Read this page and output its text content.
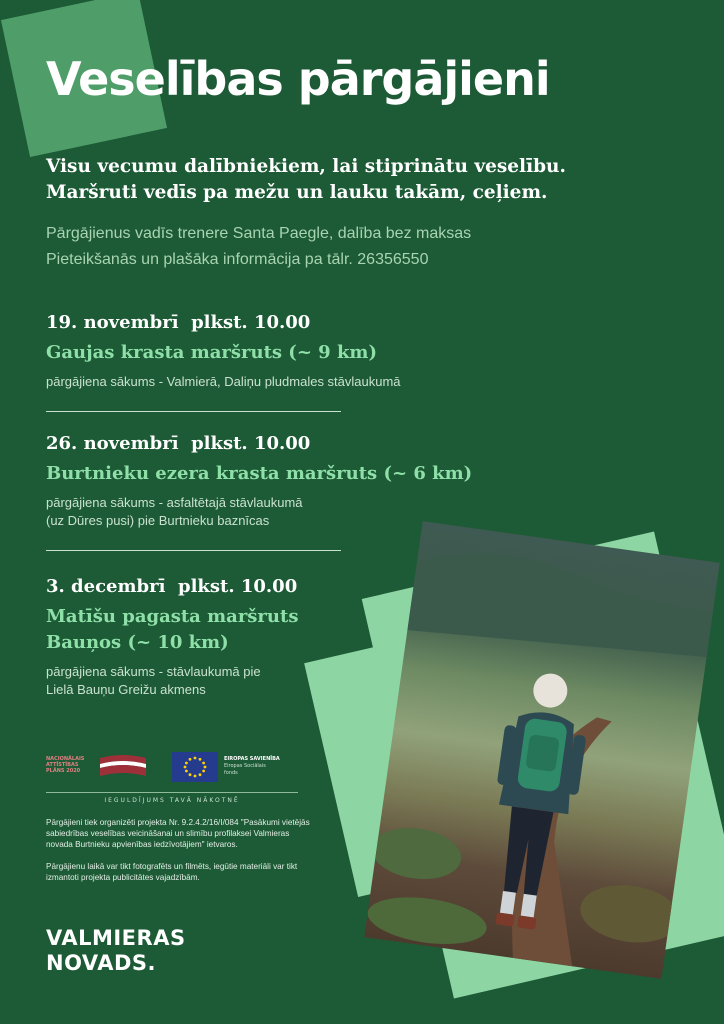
Veselības pārgājieni

Visu vecumu dalībniekiem, lai stiprinātu veselību.

Maršruti vedīs pa mežu un lauku takām, ceļiem.

Pārgājienus vadīs trenere Santa Paegle, dalība bez maksas

Pieteikšanās un plašāka informācija pa tālr. 26356550

19. novembrī  plkst. 10.00

Gaujas krasta maršruts (~ 9 km)

pārgājiena sākums - Valmierā, Daliņu pludmales stāvlaukumā

26. novembrī  plkst. 10.00

Burtnieku ezera krasta maršruts (~ 6 km)

pārgājiena sākums - asfaltētajā stāvlaukumā

(uz Dūres pusi) pie Burtnieku baznīcas

3. decembrī  plkst. 10.00

Matīšu pagasta maršruts

Bauņos (~ 10 km)

pārgājiena sākums - stāvlaukumā pie

Lielā Bauņu Greižu akmens

NACIONĀLAIS
ATTĪSTĪBAS
PLĀNS 2020
EIROPAS SAVIENĪBA
Eiropas Sociālais
fonds
IEGULDĪJUMS TAVĀ NĀKOTNĒ

Pārgājieni tiek organizēti projekta Nr. 9.2.4.2/16/I/084 "Pasākumi vietējās sabiedrības veselības veicināšanai un slimību profilaksei Valmieras novada Burtnieku apvienības iedzīvotājiem" ietvaros.

Pārgājienu laikā var tikt fotografēts un filmēts, iegūtie materiāli var tikt izmantoti projekta publicitātes vajadzībām.

VALMIERAS
NOVADS.
